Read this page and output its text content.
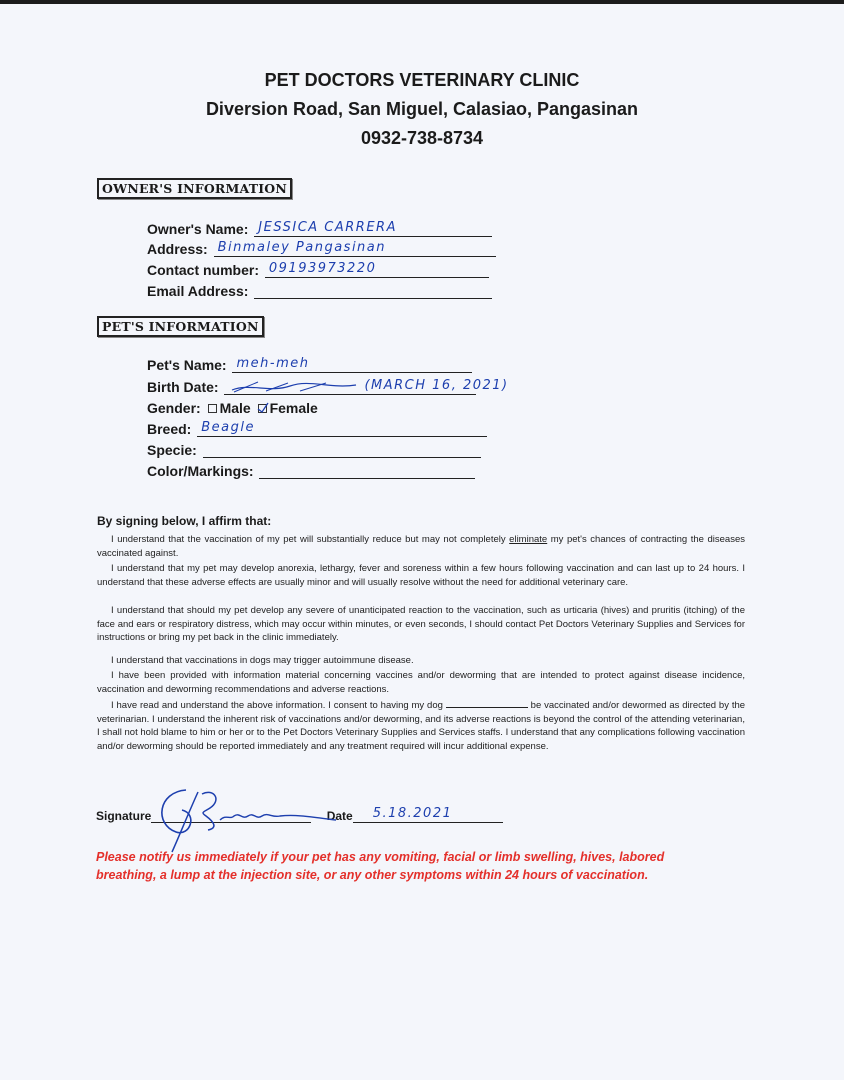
PET DOCTORS VETERINARY CLINIC
Diversion Road, San Miguel, Calasiao, Pangasinan
0932-738-8734
OWNER'S INFORMATION
Owner's Name: JESSICA CARRERA
Address: Binmaley Pangasinan
Contact number: 09193973220
Email Address:
PET'S INFORMATION
Pet's Name: meh-meh
Birth Date:	(MARCH 16, 2021)
Gender: Male Female
Breed: Beagle
Specie:
Color/Markings:
By signing below, I affirm that:

I understand that the vaccination of my pet will substantially reduce but may not completely eliminate my pet's chances of contracting the diseases vaccinated against.

I understand that my pet may develop anorexia, lethargy, fever and soreness within a few hours following vaccination and can last up to 24 hours. I understand that these adverse effects are usually minor and will usually resolve without the need for additional veterinary care.

I understand that should my pet develop any severe of unanticipated reaction to the vaccination, such as urticaria (hives) and pruritis (itching) of the face and ears or respiratory distress, which may occur within minutes, or even seconds, I should contact Pet Doctors Veterinary Supplies and Services for instructions or bring my pet back in the clinic immediately.

I understand that vaccinations in dogs may trigger autoimmune disease.

I have been provided with information material concerning vaccines and/or deworming that are intended to protect against disease incidence, vaccination and deworming recommendations and adverse reactions.

I have read and understand the above information. I consent to having my dog	be vaccinated and/or dewormed as directed by the veterinarian. I understand the inherent risk of vaccinations and/or deworming, and its adverse reactions is beyond the control of the attending veterinarian, I shall not hold blame to him or her or to the Pet Doctors Veterinary Supplies and Services staffs. I understand that any complications following vaccination and/or deworming should be reported immediately and any treatment required will incur additional expense.

Signature	Date 5.18.2021
Please notify us immediately if your pet has any vomiting, facial or limb swelling, hives, labored breathing, a lump at the injection site, or any other symptoms within 24 hours of vaccination.
